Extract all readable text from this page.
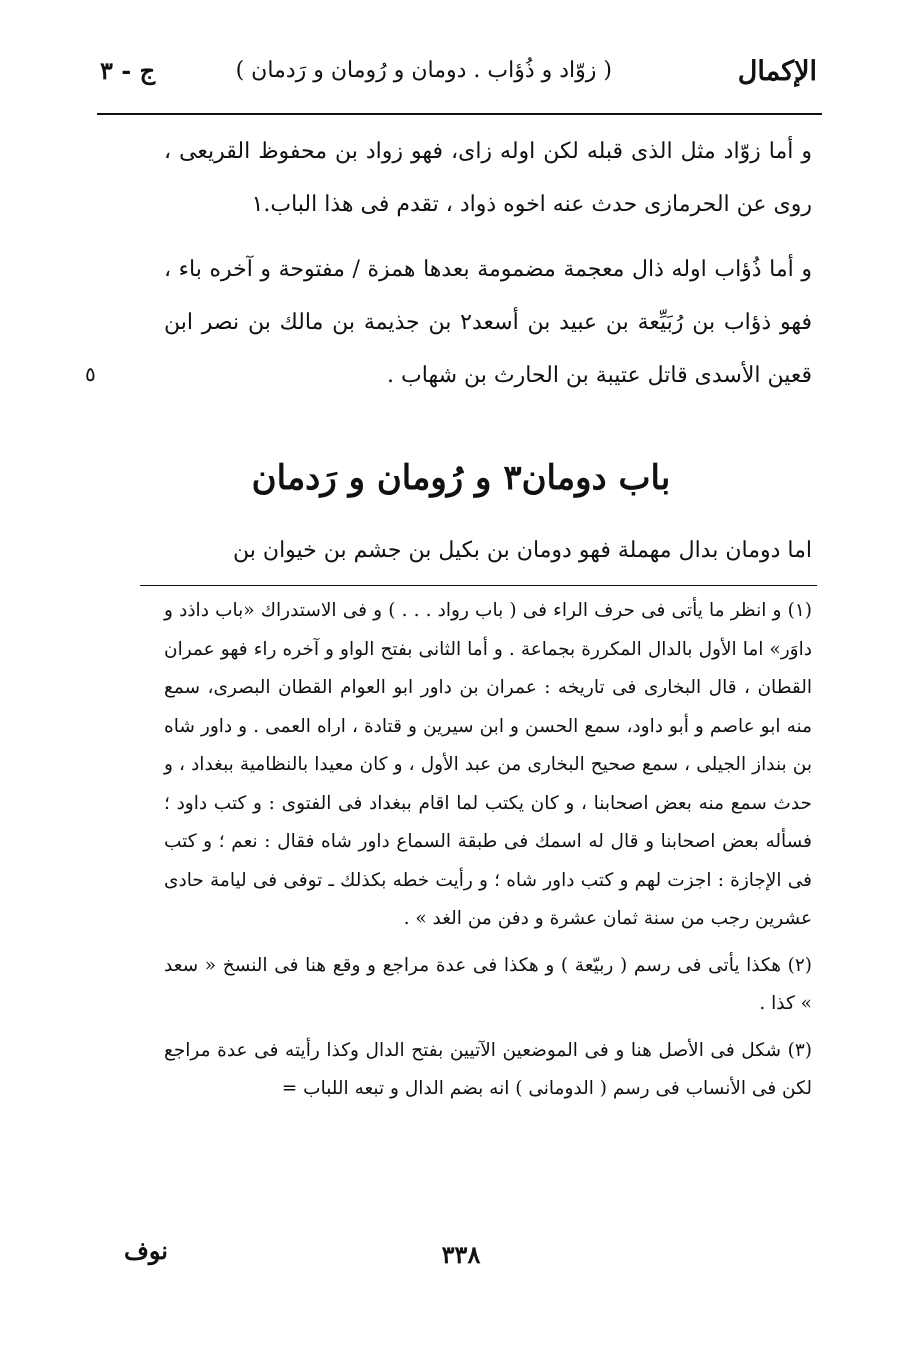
الإكمال
( زوّاد و ذُؤاب . دومان و رُومان و رَدمان )
ج - ٣

و أما زوّاد مثل الذى قبله لكن اوله زاى، فهو زواد بن محفوظ القريعى ، روى عن الحرمازى حدث عنه اخوه ذواد ، تقدم فى هذا الباب.١

و أما ذُؤاب اوله ذال معجمة مضمومة بعدها همزة / مفتوحة و آخره باء ، فهو ذؤاب بن رُبَيِّعة بن عبيد بن أسعد٢ بن جذيمة بن مالك بن نصر ابن قعين الأسدى قاتل عتيبة بن الحارث بن شهاب .

٥
باب دومان٣ و رُومان و رَدمان

اما دومان بدال مهملة فهو دومان بن بكيل بن جشم بن خيوان بن

(١) و انظر ما يأتى فى حرف الراء فى ( باب رواد . . . ) و فى الاستدراك «باب داذد و داوَر» اما الأول بالدال المكررة بجماعة . و أما الثانى بفتح الواو و آخره راء فهو عمران القطان ، قال البخارى فى تاريخه : عمران بن داور ابو العوام القطان البصرى، سمع منه ابو عاصم و أبو داود، سمع الحسن و ابن سيرين و قتادة ، اراه العمى . و داور شاه بن بنداز الجيلى ، سمع صحيح البخارى من عبد الأول ، و كان معيدا بالنظامية ببغداد ، و حدث سمع منه بعض اصحابنا ، و كان يكتب لما اقام ببغداد فى الفتوى : و كتب داود ؛ فسأله بعض اصحابنا و قال له اسمك فى طبقة السماع داور شاه فقال : نعم ؛ و كتب فى الإجازة : اجزت لهم و كتب داور شاه ؛ و رأيت خطه بكذلك ـ توفى فى ليامة حادى عشرين رجب من سنة ثمان عشرة و دفن من الغد » .

(٢) هكذا يأتى فى رسم ( ربيّعة ) و هكذا فى عدة مراجع و وقع هنا فى النسخ « سعد » كذا .

(٣) شكل فى الأصل هنا و فى الموضعين الآتيين بفتح الدال وكذا رأيته فى عدة مراجع لكن فى الأنساب فى رسم ( الدومانى ) انه بضم الدال و تبعه اللباب =

٣٣٨
نوف
